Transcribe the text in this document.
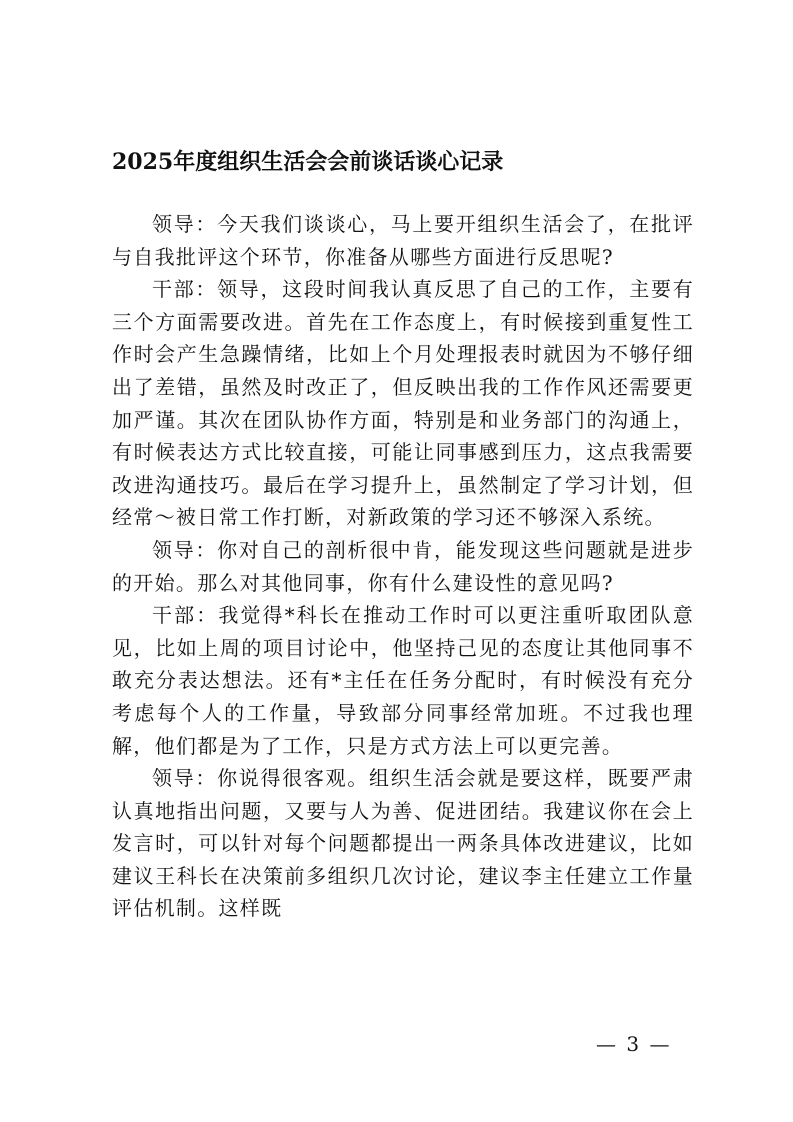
2025年度组织生活会会前谈话谈心记录

领导：今天我们谈谈心，马上要开组织生活会了，在批评与自我批评这个环节，你准备从哪些方面进行反思呢?

干部：领导，这段时间我认真反思了自己的工作，主要有三个方面需要改进。首先在工作态度上，有时候接到重复性工作时会产生急躁情绪，比如上个月处理报表时就因为不够仔细出了差错，虽然及时改正了，但反映出我的工作作风还需要更加严谨。其次在团队协作方面，特别是和业务部门的沟通上，有时候表达方式比较直接，可能让同事感到压力，这点我需要改进沟通技巧。最后在学习提升上，虽然制定了学习计划，但经常～被日常工作打断，对新政策的学习还不够深入系统。

领导：你对自己的剖析很中肯，能发现这些问题就是进步的开始。那么对其他同事，你有什么建设性的意见吗?

干部：我觉得*科长在推动工作时可以更注重听取团队意见，比如上周的项目讨论中，他坚持己见的态度让其他同事不敢充分表达想法。还有*主任在任务分配时，有时候没有充分考虑每个人的工作量，导致部分同事经常加班。不过我也理解，他们都是为了工作，只是方式方法上可以更完善。

领导：你说得很客观。组织生活会就是要这样，既要严肃认真地指出问题，又要与人为善、促进团结。我建议你在会上发言时，可以针对每个问题都提出一两条具体改进建议，比如建议王科长在决策前多组织几次讨论，建议李主任建立工作量评估机制。这样既

— 3 —
